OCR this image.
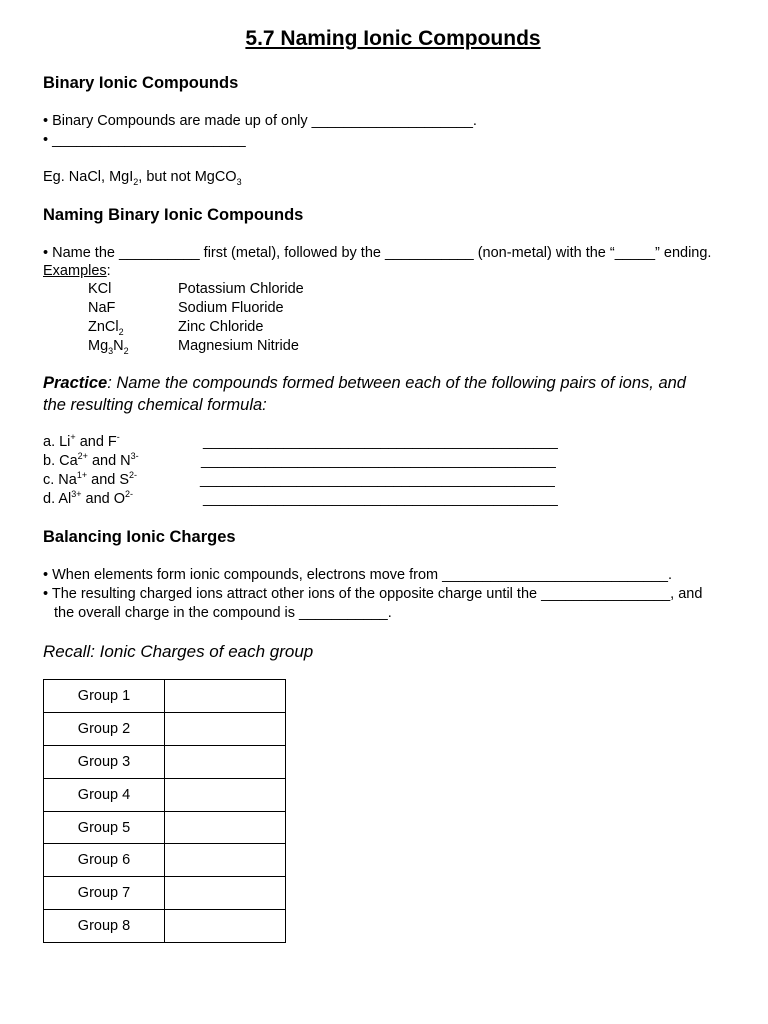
5.7 Naming Ionic Compounds
Binary Ionic Compounds
• Binary Compounds are made up of only ____________________.
• ________________________
Eg. NaCl, MgI$_2$, but not MgCO$_3$
Naming Binary Ionic Compounds
• Name the __________ first (metal), followed by the ___________ (non-metal) with the “_____” ending.
Examples:
KCl	Potassium Chloride
NaF	Sodium Fluoride
ZnCl$_2$	Zinc Chloride
$Mg_3N_2$	Magnesium Nitride
Practice: Name the compounds formed between each of the following pairs of ions, and
the resulting chemical formula:
a. Li+ and F-	____________________________________________
b. $Ca^{2+}$ and $N^{3-}$	____________________________________________
c. $Na^{1+}$ and $S^{2-}$	____________________________________________
d. $Al^{3+}$ and $O^{2-}$	____________________________________________
Balancing Ionic Charges
• When elements form ionic compounds, electrons move from ____________________________.
• The resulting charged ions attract other ions of the opposite charge until the ________________, and
the overall charge in the compound is ___________.
Recall: Ionic Charges of each group
Group 1	
Group 2	
Group 3	
Group 4	
Group 5	
Group 6	
Group 7	
Group 8	
